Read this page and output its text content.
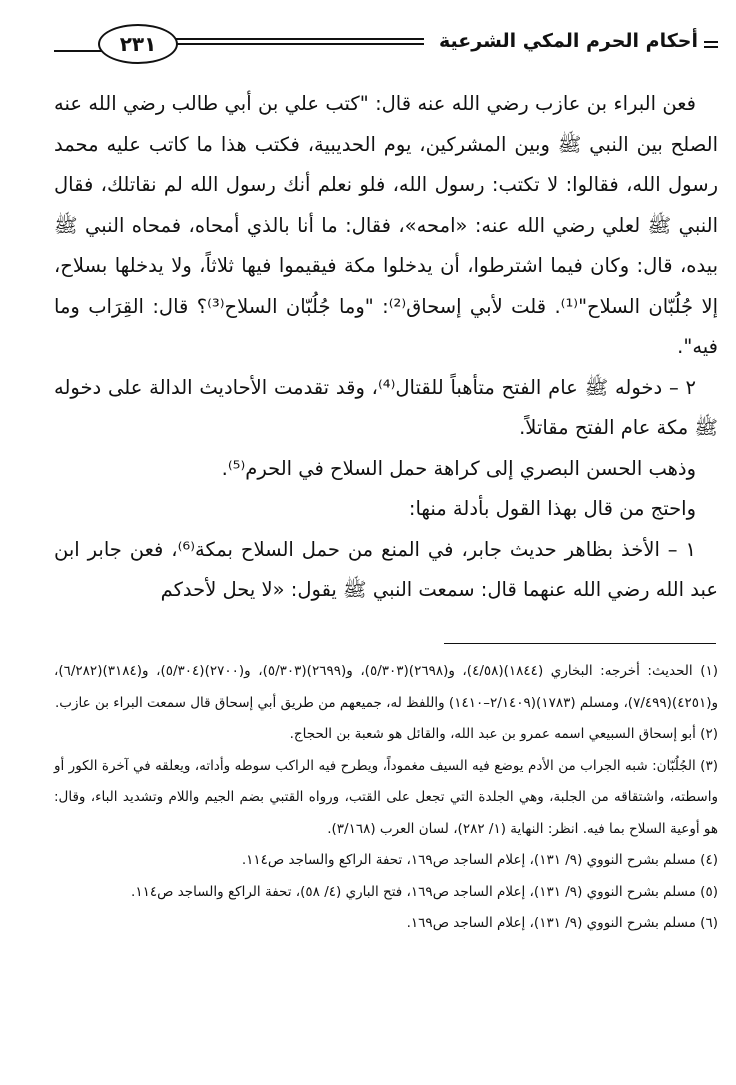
أحكام الحرم المكي الشرعية
٢٣١

فعن البراء بن عازب رضي الله عنه قال: "كتب علي بن أبي طالب رضي الله عنه الصلح بين النبي ﷺ وبين المشركين، يوم الحديبية، فكتب هذا ما كاتب عليه محمد رسول الله، فقالوا: لا تكتب: رسول الله، فلو نعلم أنك رسول الله لم نقاتلك، فقال النبي ﷺ لعلي رضي الله عنه: «امحه»، فقال: ما أنا بالذي أمحاه، فمحاه النبي ﷺ بيده، قال: وكان فيما اشترطوا، أن يدخلوا مكة فيقيموا فيها ثلاثاً، ولا يدخلها بسلاح، إلا جُلُبّان السلاح"⁽¹⁾. قلت لأبي إسحاق⁽²⁾: "وما جُلُبّان السلاح⁽³⁾؟ قال: القِرَاب وما فيه".

٢ – دخوله ﷺ عام الفتح متأهباً للقتال⁽⁴⁾، وقد تقدمت الأحاديث الدالة على دخوله ﷺ مكة عام الفتح مقاتلاً.

وذهب الحسن البصري إلى كراهة حمل السلاح في الحرم⁽⁵⁾.

واحتج من قال بهذا القول بأدلة منها:

١ – الأخذ بظاهر حديث جابر، في المنع من حمل السلاح بمكة⁽⁶⁾، فعن جابر ابن عبد الله رضي الله عنهما قال: سمعت النبي ﷺ يقول: «لا يحل لأحدكم

(١) الحديث: أخرجه: البخاري (١٨٤٤)(٤/٥٨)، و(٢٦٩٨)(٥/٣٠٣)، و(٢٦٩٩)(٥/٣٠٣)، و(٢٧٠٠)(٥/٣٠٤)، و(٣١٨٤)(٦/٢٨٢)، و(٤٢٥١)(٧/٤٩٩)، ومسلم (١٧٨٣)(٢/١٤٠٩–١٤١٠) واللفظ له، جميعهم من طريق أبي إسحاق قال سمعت البراء بن عازب.

(٢) أبو إسحاق السبيعي اسمه عمرو بن عبد الله، والقائل هو شعبة بن الحجاج.

(٣) الجُلُبّان: شبه الجراب من الأدم يوضع فيه السيف مغموداً، ويطرح فيه الراكب سوطه وأداته، ويعلقه في آخرة الكور أو واسطته، واشتقاقه من الجلبة، وهي الجلدة التي تجعل على القتب، ورواه القتبي بضم الجيم واللام وتشديد الباء، وقال: هو أوعية السلاح بما فيه. انظر: النهاية (١/ ٢٨٢)، لسان العرب (٣/١٦٨).

(٤) مسلم بشرح النووي (٩/ ١٣١)، إعلام الساجد ص١٦٩، تحفة الراكع والساجد ص١١٤.

(٥) مسلم بشرح النووي (٩/ ١٣١)، إعلام الساجد ص١٦٩، فتح الباري (٤/ ٥٨)، تحفة الراكع والساجد ص١١٤.

(٦) مسلم بشرح النووي (٩/ ١٣١)، إعلام الساجد ص١٦٩.
